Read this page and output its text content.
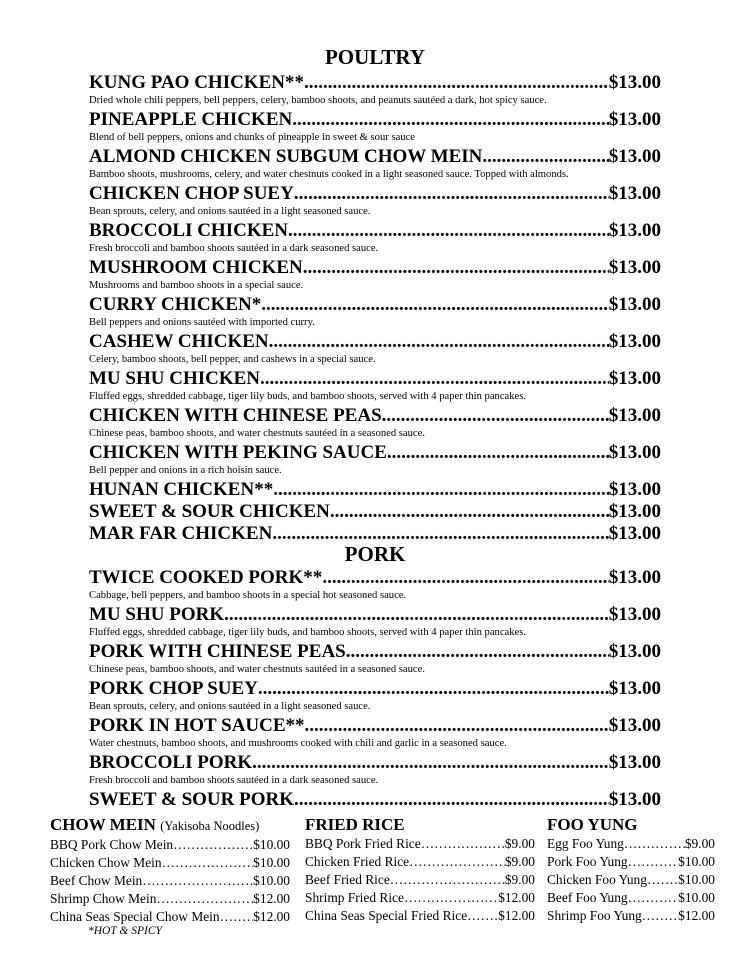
POULTRY
KUNG PAO CHICKEN** .....	$13.00
Dried whole chili peppers, bell peppers, celery, bamboo shoots, and peanuts sautéed a dark, hot spicy sauce.
PINEAPPLE CHICKEN .....	$13.00
Blend of bell peppers, onions and chunks of pineapple in sweet & sour sauce
ALMOND CHICKEN SUBGUM CHOW MEIN .....	$13.00
Bamboo shoots, mushrooms, celery, and water chestnuts cooked in a light seasoned sauce. Topped with almonds.
CHICKEN CHOP SUEY .....	$13.00
Bean sprouts, celery, and onions sautéed in a light seasoned sauce.
BROCCOLI CHICKEN .....	$13.00
Fresh broccoli and bamboo shoots sautéed in a dark seasoned sauce.
MUSHROOM CHICKEN .....	$13.00
Mushrooms and bamboo shoots in a special sauce.
CURRY CHICKEN* .....	$13.00
Bell peppers and onions sautéed with imported curry.
CASHEW CHICKEN .....	$13.00
Celery, bamboo shoots, bell pepper, and cashews in a special sauce.
MU SHU CHICKEN .....	$13.00
Fluffed eggs, shredded cabbage, tiger lily buds, and bamboo shoots, served with 4 paper thin pancakes.
CHICKEN WITH CHINESE PEAS .....	$13.00
Chinese peas, bamboo shoots, and water chestnuts sautéed in a seasoned sauce.
CHICKEN WITH PEKING SAUCE .....	$13.00
Bell pepper and onions in a rich hoisin sauce.
HUNAN CHICKEN** .....	$13.00
SWEET & SOUR CHICKEN .....	$13.00
MAR FAR CHICKEN .....	$13.00
PORK
TWICE COOKED PORK** .....	$13.00
Cabbage, bell peppers, and bamboo shoots in a special hot seasoned sauce.
MU SHU PORK .....	$13.00
Fluffed eggs, shredded cabbage, tiger lily buds, and bamboo shoots, served with 4 paper thin pancakes.
PORK WITH CHINESE PEAS .....	$13.00
Chinese peas, bamboo shoots, and water chestnuts sautéed in a seasoned sauce.
PORK CHOP SUEY .....	$13.00
Bean sprouts, celery, and onions sautéed in a light seasoned sauce.
PORK IN HOT SAUCE** .....	$13.00
Water chestnuts, bamboo shoots, and mushrooms cooked with chili and garlic in a seasoned sauce.
BROCCOLI PORK .....	$13.00
Fresh broccoli and bamboo shoots sautéed in a dark seasoned sauce.
SWEET & SOUR PORK .....	$13.00
CHOW MEIN (Yakisoba Noodles)
BBQ Pork Chow Mein …………………………………………………………………………………	$10.00
Chicken Chow Mein …………………………………………………………………………………	$10.00
Beef Chow Mein …………………………………………………………………………………	$10.00
Shrimp Chow Mein …………………………………………………………………………………	$12.00
China Seas Special Chow Mein …………………………………………………………………………………	$12.00
FRIED RICE
BBQ Pork Fried Rice …………………………………………………………………………………	$9.00
Chicken Fried Rice …………………………………………………………………………………	$9.00
Beef Fried Rice …………………………………………………………………………………	$9.00
Shrimp Fried Rice …………………………………………………………………………………	$12.00
China Seas Special Fried Rice ………………………………………………………………………………… $12.00
FOO YUNG
Egg Foo Yung …………………………………………………………………………………	$9.00
Pork Foo Yung …………………………………………………………………………………	$10.00
Chicken Foo Yung ………………………………………………………………………………… $10.00
Beef Foo Yung …………………………………………………………………………………	$10.00
Shrimp Foo Yung …………………………………………………………………………………	$12.00
*HOT & SPICY
